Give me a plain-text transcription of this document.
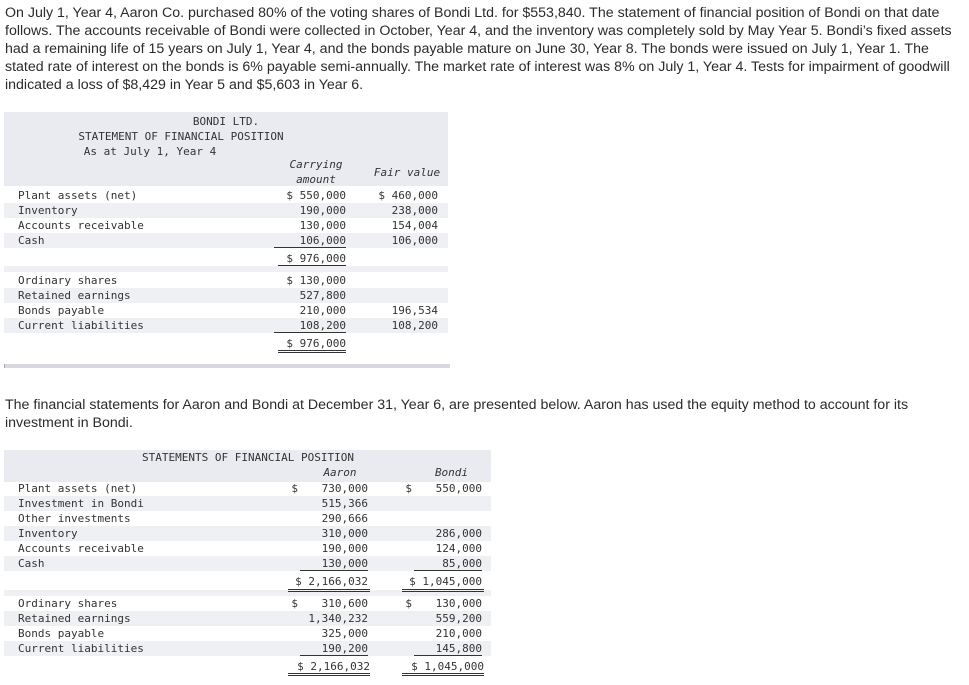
On July 1, Year 4, Aaron Co. purchased 80% of the voting shares of Bondi Ltd. for $553,840. The statement of financial position of Bondi on that date follows. The accounts receivable of Bondi were collected in October, Year 4, and the inventory was completely sold by May Year 5. Bondi’s fixed assets had a remaining life of 15 years on July 1, Year 4, and the bonds payable mature on June 30, Year 8. The bonds were issued on July 1, Year 1. The stated rate of interest on the bonds is 6% payable semi-annually. The market rate of interest was 8% on July 1, Year 4. Tests for impairment of goodwill indicated a loss of $8,429 in Year 5 and $5,603 in Year 6.

BONDI LTD.
STATEMENT OF FINANCIAL POSITION
As at July 1, Year 4
Carrying
amount
Fair value
Plant assets (net)	$ 550,000	$ 460,000
Inventory	190,000	238,000
Accounts receivable	130,000	154,004
Cash	106,000	106,000
$ 976,000
Ordinary shares	$ 130,000
Retained earnings	527,800
Bonds payable	210,000	196,534
Current liabilities	108,200	108,200
$ 976,000

The financial statements for Aaron and Bondi at December 31, Year 6, are presented below. Aaron has used the equity method to account for its investment in Bondi.

STATEMENTS OF FINANCIAL POSITION
Aaron	Bondi
Plant assets (net)	$	730,000	$	550,000
Investment in Bondi	515,366
Other investments	290,666
Inventory	310,000	286,000
Accounts receivable	190,000	124,000
Cash	130,000	85,000
$ 2,166,032	$ 1,045,000
Ordinary shares	$	310,600	$	130,000
Retained earnings	1,340,232	559,200
Bonds payable	325,000	210,000
Current liabilities	190,200	145,800
$ 2,166,032	$ 1,045,000
